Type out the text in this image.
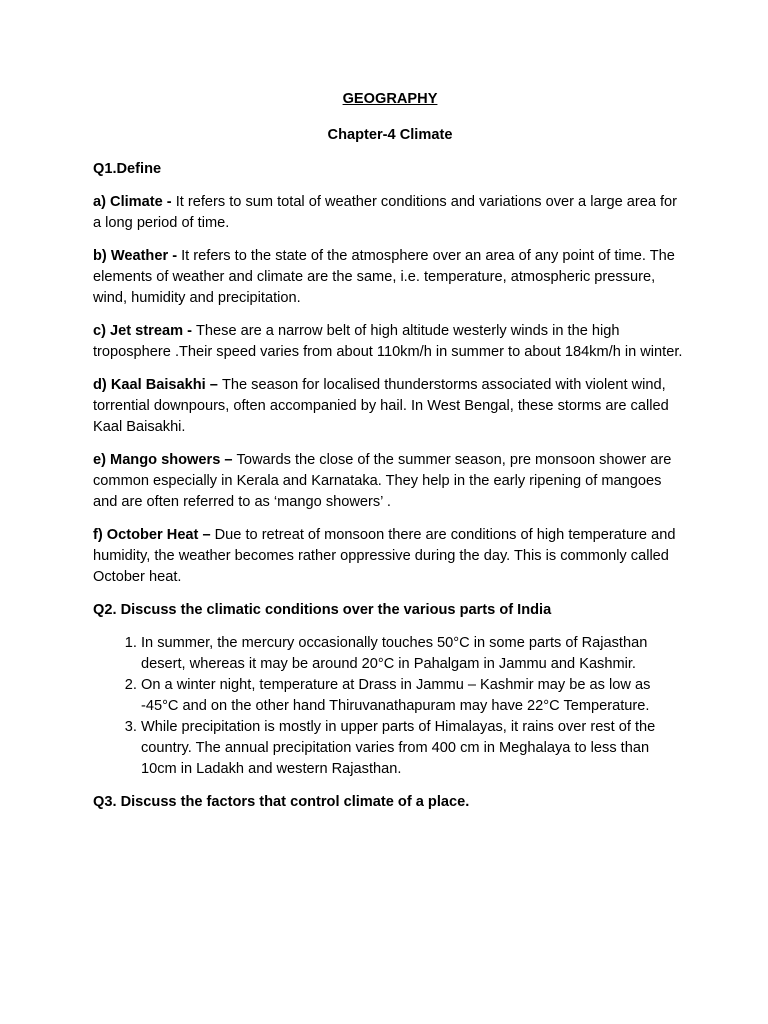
GEOGRAPHY
Chapter-4 Climate

Q1.Define

a) Climate - It refers to sum total of weather conditions and variations over a large area for a long period of time.

b) Weather - It refers to the state of the atmosphere over an area of any point of time. The elements of weather and climate are the same, i.e. temperature, atmospheric pressure, wind, humidity and precipitation.

c) Jet stream - These are a narrow belt of high altitude westerly winds in the high troposphere .Their speed varies from about 110km/h in summer to about 184km/h in winter.

d) Kaal Baisakhi – The season for localised thunderstorms associated with violent wind, torrential downpours, often accompanied by hail. In West Bengal, these storms are called Kaal Baisakhi.

e) Mango showers – Towards the close of the summer season, pre monsoon shower are common especially in Kerala and Karnataka. They help in the early ripening of mangoes and are often referred to as ‘mango showers’ .

f) October Heat – Due to retreat of monsoon there are conditions of high temperature and humidity, the weather becomes rather oppressive during the day. This is commonly called October heat.

Q2. Discuss the climatic conditions over the various parts of India

1. In summer, the mercury occasionally touches 50°C in some parts of Rajasthan desert, whereas it may be around 20°C in Pahalgam in Jammu and Kashmir.
2. On a winter night, temperature at Drass in Jammu – Kashmir may be as low as -45°C and on the other hand Thiruvanathapuram may have 22°C Temperature.
3. While precipitation is mostly in upper parts of Himalayas, it rains over rest of the country. The annual precipitation varies from 400 cm in Meghalaya to less than 10cm in Ladakh and western Rajasthan.

Q3. Discuss the factors that control climate of a place.
